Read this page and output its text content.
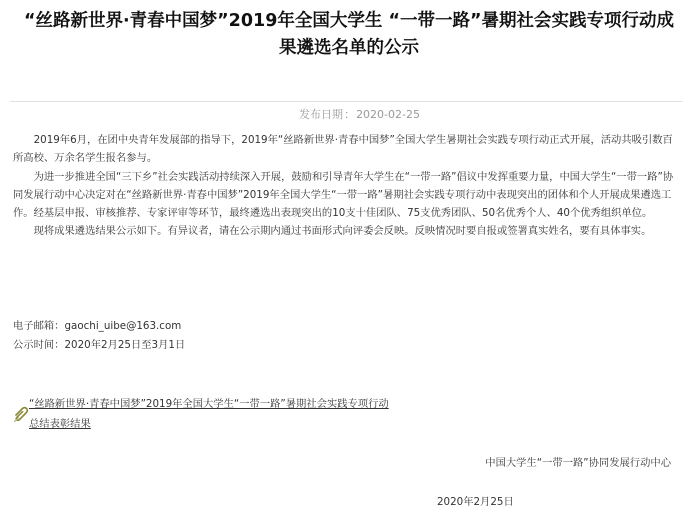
“丝路新世界·青春中国梦”2019年全国大学生 “一带一路”暑期社会实践专项行动成果遴选名单的公示
发布日期：2020-02-25

2019年6月，在团中央青年发展部的指导下，2019年“丝路新世界·青春中国梦”全国大学生暑期社会实践专项行动正式开展，活动共吸引数百所高校、万余名学生报名参与。

为进一步推进全国“三下乡”社会实践活动持续深入开展，鼓励和引导青年大学生在“一带一路”倡议中发挥重要力量，中国大学生“一带一路”协同发展行动中心决定对在“丝路新世界·青春中国梦”2019年全国大学生“一带一路”暑期社会实践专项行动中表现突出的团体和个人开展成果遴选工作。经基层申报、审核推荐、专家评审等环节，最终遴选出表现突出的10支十佳团队、75支优秀团队、50名优秀个人、40个优秀组织单位。

现将成果遴选结果公示如下。有异议者，请在公示期内通过书面形式向评委会反映。反映情况时要自报或签署真实姓名，要有具体事实。

电子邮箱：gaochi_uibe@163.com
公示时间：2020年2月25日至3月1日
“丝路新世界·青春中国梦”2019年全国大学生“一带一路”暑期社会实践专项行动总结表彰结果
中国大学生“一带一路”协同发展行动中心
2020年2月25日
